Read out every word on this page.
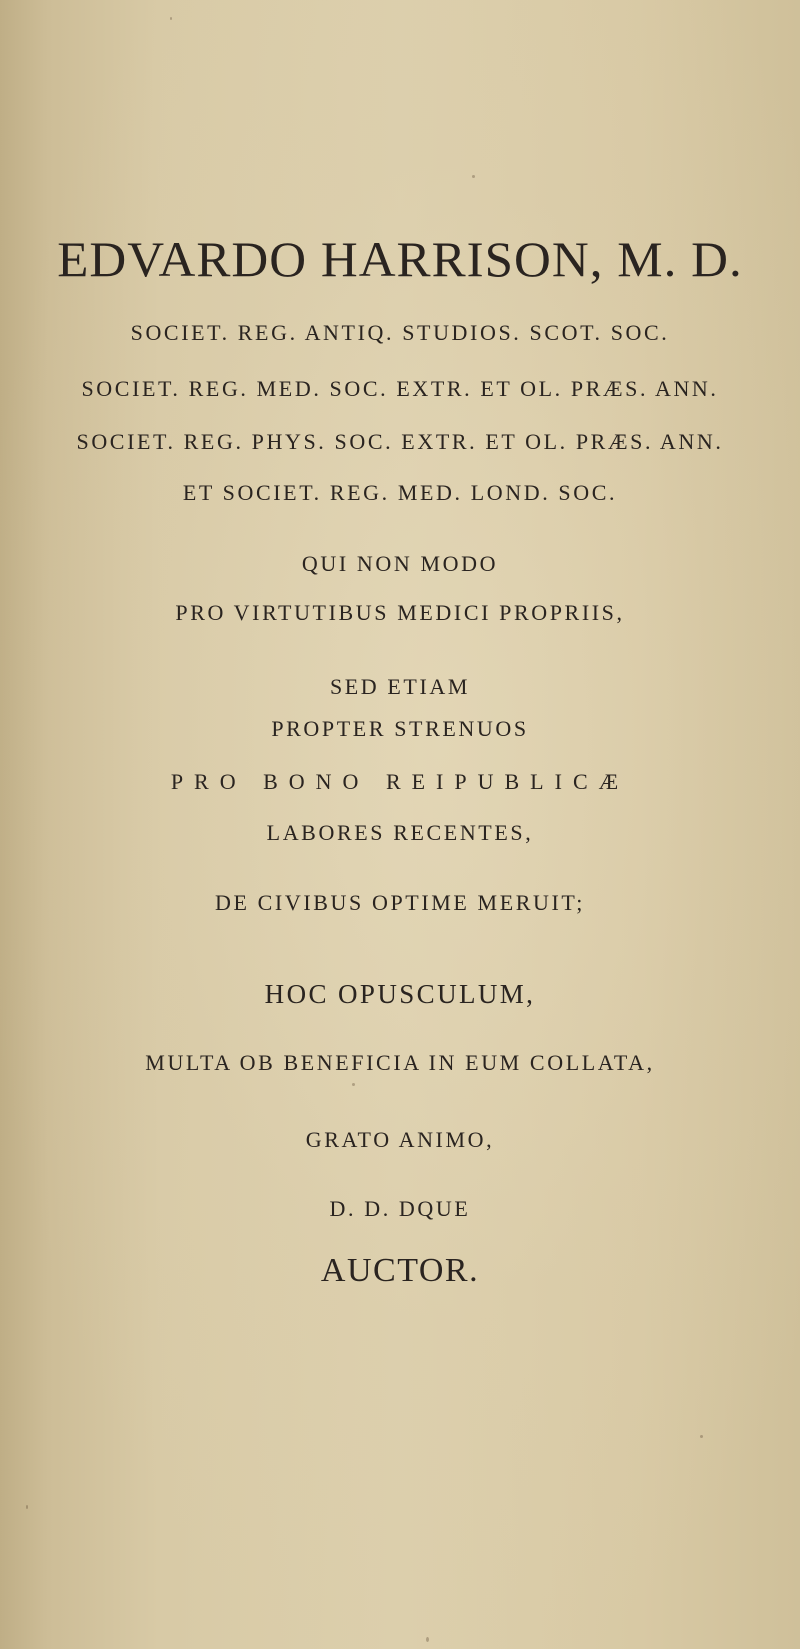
EDVARDO HARRISON, M. D.
SOCIET. REG. ANTIQ. STUDIOS. SCOT. SOC.
SOCIET. REG. MED. SOC. EXTR. ET OL. PRÆS. ANN.
SOCIET. REG. PHYS. SOC. EXTR. ET OL. PRÆS. ANN.
ET SOCIET. REG. MED. LOND. SOC.
QUI NON MODO
PRO VIRTUTIBUS MEDICI PROPRIIS,
SED ETIAM
PROPTER STRENUOS
PRO BONO REIPUBLICÆ
LABORES RECENTES,
DE CIVIBUS OPTIME MERUIT;
HOC OPUSCULUM,
MULTA OB BENEFICIA IN EUM COLLATA,
GRATO ANIMO,
D. D. DQUE
AUCTOR.
